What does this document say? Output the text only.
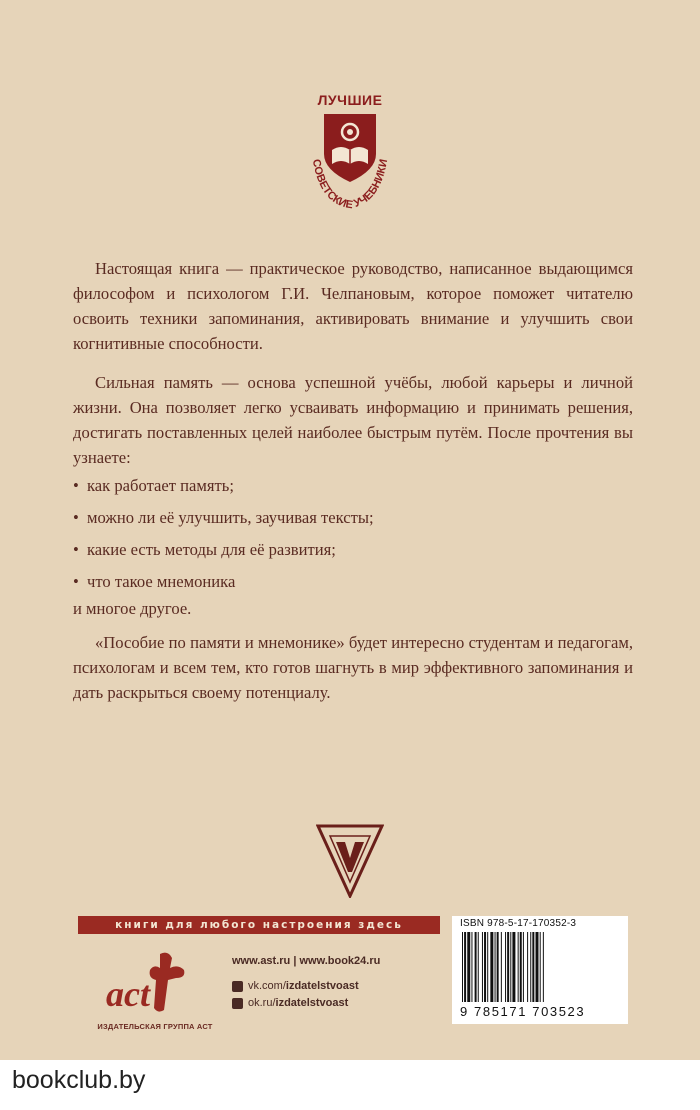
ЛУЧШИЕ
СОВЕТСКИЕ УЧЕБНИКИ
Настоящая книга — практическое руководство, написанное выдающимся философом и психологом Г.И. Челпановым, которое поможет читателю освоить техники запоминания, активировать внимание и улучшить свои когнитивные способности.
Сильная память — основа успешной учёбы, любой карьеры и личной жизни. Она позволяет легко усваивать информацию и принимать решения, достигать поставленных целей наиболее быстрым путём. После прочтения вы узнаете:
• как работает память;
• можно ли её улучшить, заучивая тексты;
• какие есть методы для её развития;
• что такое мнемоника
и многое другое.
«Пособие по памяти и мнемонике» будет интересно студентам и педагогам, психологам и всем тем, кто готов шагнуть в мир эффективного запоминания и дать раскрыться своему потенциалу.
книги для любого настроения здесь
act
ИЗДАТЕЛЬСКАЯ ГРУППА АСТ
www.ast.ru | www.book24.ru
vk.com/izdatelstvoast
ok.ru/izdatelstvoast
ISBN 978-5-17-170352-3
9 785171 703523
bookclub.by
